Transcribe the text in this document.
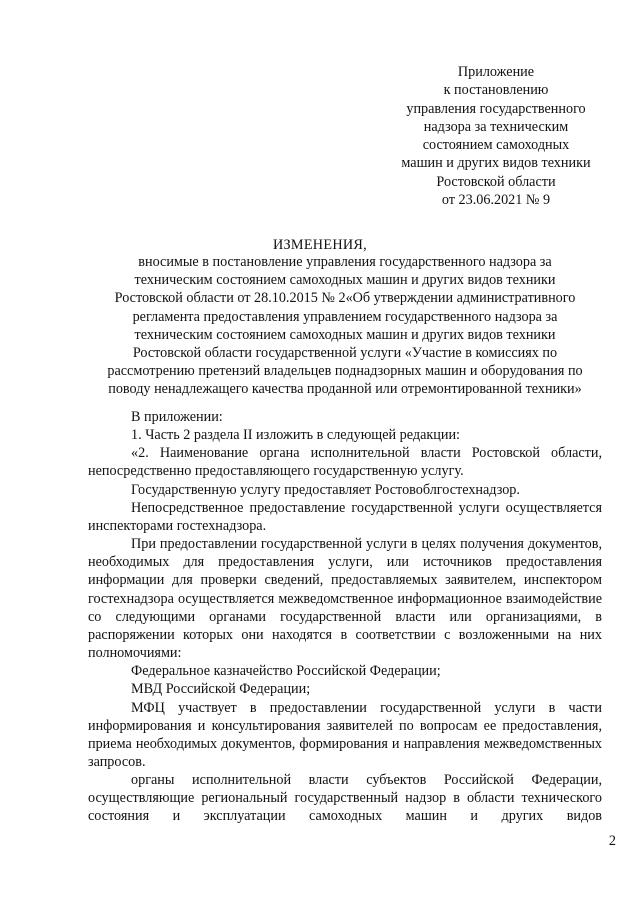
Приложение
к постановлению
управления государственного
надзора за техническим
состоянием самоходных
машин и других видов техники
Ростовской области
от 23.06.2021 № 9
ИЗМЕНЕНИЯ,
вносимые в постановление управления государственного надзора за
техническим состоянием самоходных машин и других видов техники
Ростовской области от 28.10.2015 № 2«Об утверждении административного
регламента предоставления управлением государственного надзора за
техническим состоянием самоходных машин и других видов техники
Ростовской области государственной услуги «Участие в комиссиях по
рассмотрению претензий владельцев поднадзорных машин и оборудования по
поводу ненадлежащего качества проданной или отремонтированной техники»

В приложении:

1. Часть 2 раздела II изложить в следующей редакции:

«2. Наименование органа исполнительной власти Ростовской области, непосредственно предоставляющего государственную услугу.

Государственную услугу предоставляет Ростовоблгостехнадзор.

Непосредственное предоставление государственной услуги осуществляется инспекторами гостехнадзора.

При предоставлении государственной услуги в целях получения документов, необходимых для предоставления услуги, или источников предоставления информации для проверки сведений, предоставляемых заявителем, инспектором гостехнадзора осуществляется межведомственное информационное взаимодействие со следующими органами государственной власти или организациями, в распоряжении которых они находятся в соответствии с возложенными на них полномочиями:

Федеральное казначейство Российской Федерации;

МВД Российской Федерации;

МФЦ участвует в предоставлении государственной услуги в части информирования и консультирования заявителей по вопросам ее предоставления, приема необходимых документов, формирования и направления межведомственных запросов.

органы исполнительной власти субъектов Российской Федерации, осуществляющие региональный государственный надзор в области технического состояния и эксплуатации самоходных машин и других видов

2
